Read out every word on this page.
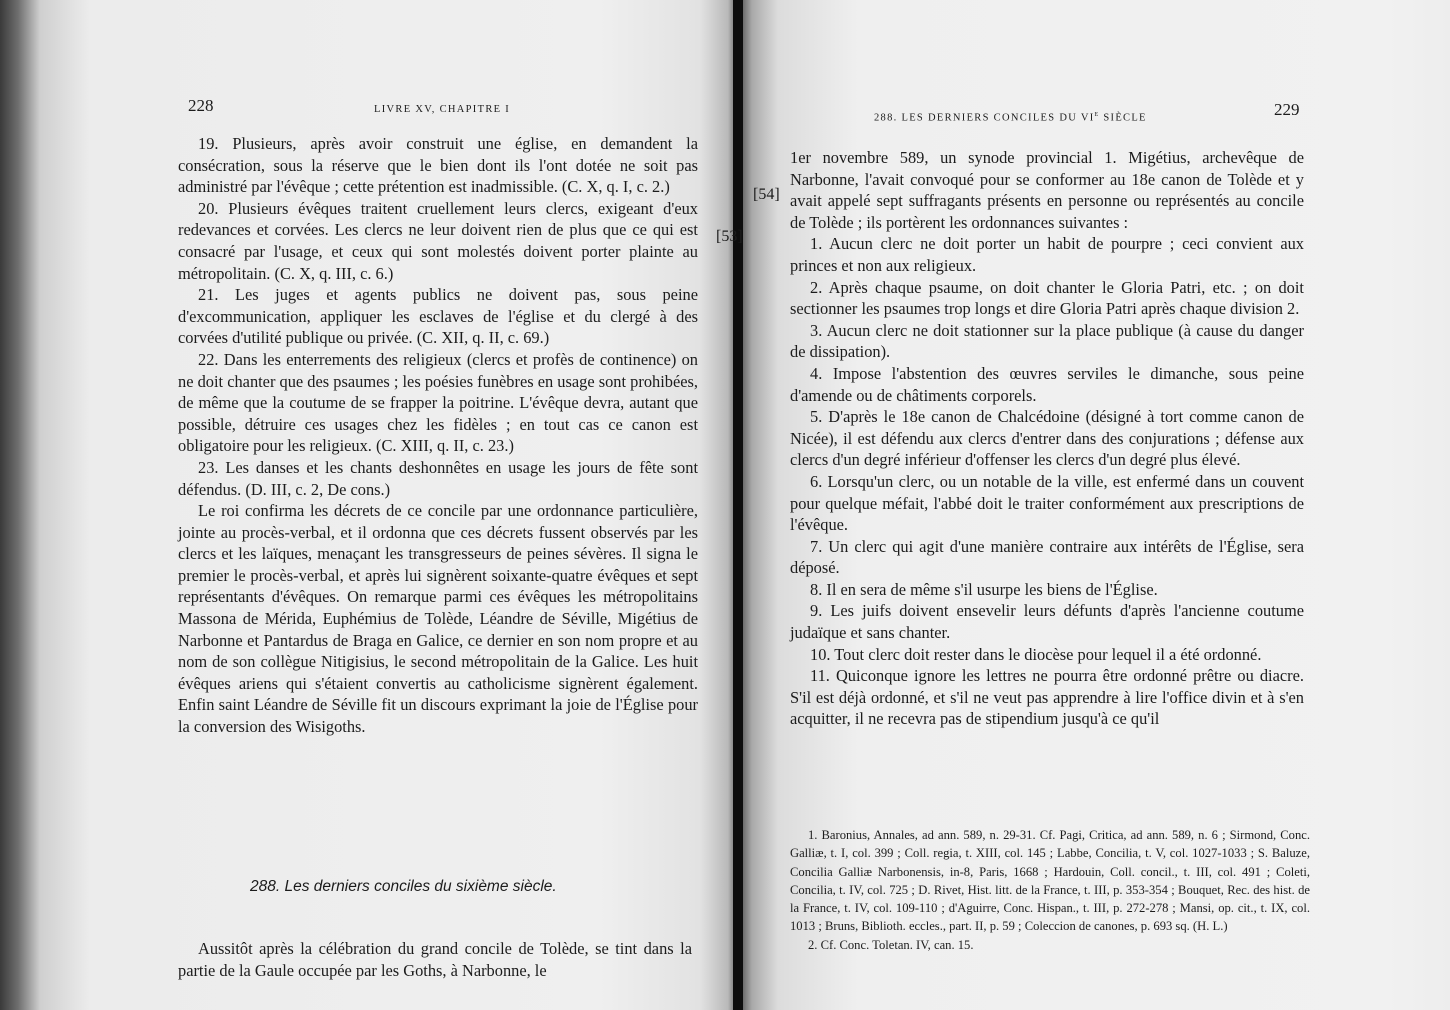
228	LIVRE XV, CHAPITRE I

19. Plusieurs, après avoir construit une église, en demandent la consécration, sous la réserve que le bien dont ils l'ont dotée ne soit pas administré par l'évêque ; cette prétention est inadmissible. (C. X, q. I, c. 2.)

20. Plusieurs évêques traitent cruellement leurs clercs, exigeant d'eux redevances et corvées. Les clercs ne leur doivent rien de plus que ce qui est consacré par l'usage, et ceux qui sont molestés doivent porter plainte au métropolitain. (C. X, q. III, c. 6.)

21. Les juges et agents publics ne doivent pas, sous peine d'excommunication, appliquer les esclaves de l'église et du clergé à des corvées d'utilité publique ou privée. (C. XII, q. II, c. 69.)

22. Dans les enterrements des religieux (clercs et profès de continence) on ne doit chanter que des psaumes ; les poésies funèbres en usage sont prohibées, de même que la coutume de se frapper la poitrine. L'évêque devra, autant que possible, détruire ces usages chez les fidèles ; en tout cas ce canon est obligatoire pour les religieux. (C. XIII, q. II, c. 23.)

23. Les danses et les chants deshonnêtes en usage les jours de fête sont défendus. (D. III, c. 2, De cons.)

Le roi confirma les décrets de ce concile par une ordonnance particulière, jointe au procès-verbal, et il ordonna que ces décrets fussent observés par les clercs et les laïques, menaçant les transgresseurs de peines sévères. Il signa le premier le procès-verbal, et après lui signèrent soixante-quatre évêques et sept représentants d'évêques. On remarque parmi ces évêques les métropolitains Massona de Mérida, Euphémius de Tolède, Léandre de Séville, Migétius de Narbonne et Pantardus de Braga en Galice, ce dernier en son nom propre et au nom de son collègue Nitigisius, le second métropolitain de la Galice. Les huit évêques ariens qui s'étaient convertis au catholicisme signèrent également. Enfin saint Léandre de Séville fit un discours exprimant la joie de l'Église pour la conversion des Wisigoths.

288. Les derniers conciles du sixième siècle.

Aussitôt après la célébration du grand concile de Tolède, se tint dans la partie de la Gaule occupée par les Goths, à Narbonne, le

288. LES DERNIERS CONCILES DU VIe SIÈCLE	229
[54]

1er novembre 589, un synode provincial 1. Migétius, archevêque de Narbonne, l'avait convoqué pour se conformer au 18e canon de Tolède et y avait appelé sept suffragants présents en personne ou représentés au concile de Tolède ; ils portèrent les ordonnances suivantes :

1. Aucun clerc ne doit porter un habit de pourpre ; ceci convient aux princes et non aux religieux.

2. Après chaque psaume, on doit chanter le Gloria Patri, etc. ; on doit sectionner les psaumes trop longs et dire Gloria Patri après chaque division 2.

3. Aucun clerc ne doit stationner sur la place publique (à cause du danger de dissipation).

4. Impose l'abstention des œuvres serviles le dimanche, sous peine d'amende ou de châtiments corporels.

5. D'après le 18e canon de Chalcédoine (désigné à tort comme canon de Nicée), il est défendu aux clercs d'entrer dans des conjurations ; défense aux clercs d'un degré inférieur d'offenser les clercs d'un degré plus élevé.

6. Lorsqu'un clerc, ou un notable de la ville, est enfermé dans un couvent pour quelque méfait, l'abbé doit le traiter conformément aux prescriptions de l'évêque.

7. Un clerc qui agit d'une manière contraire aux intérêts de l'Église, sera déposé.

8. Il en sera de même s'il usurpe les biens de l'Église.

9. Les juifs doivent ensevelir leurs défunts d'après l'ancienne coutume judaïque et sans chanter.

10. Tout clerc doit rester dans le diocèse pour lequel il a été ordonné.

11. Quiconque ignore les lettres ne pourra être ordonné prêtre ou diacre. S'il est déjà ordonné, et s'il ne veut pas apprendre à lire l'office divin et à s'en acquitter, il ne recevra pas de stipendium jusqu'à ce qu'il

1. Baronius, Annales, ad ann. 589, n. 29-31. Cf. Pagi, Critica, ad ann. 589, n. 6 ; Sirmond, Conc. Galliæ, t. I, col. 399 ; Coll. regia, t. XIII, col. 145 ; Labbe, Concilia, t. V, col. 1027-1033 ; S. Baluze, Concilia Galliæ Narbonensis, in-8, Paris, 1668 ; Hardouin, Coll. concil., t. III, col. 491 ; Coleti, Concilia, t. IV, col. 725 ; D. Rivet, Hist. litt. de la France, t. III, p. 353-354 ; Bouquet, Rec. des hist. de la France, t. IV, col. 109-110 ; d'Aguirre, Conc. Hispan., t. III, p. 272-278 ; Mansi, op. cit., t. IX, col. 1013 ; Bruns, Biblioth. eccles., part. II, p. 59 ; Coleccion de canones, p. 693 sq. (H. L.)

2. Cf. Conc. Toletan. IV, can. 15.

[53]
